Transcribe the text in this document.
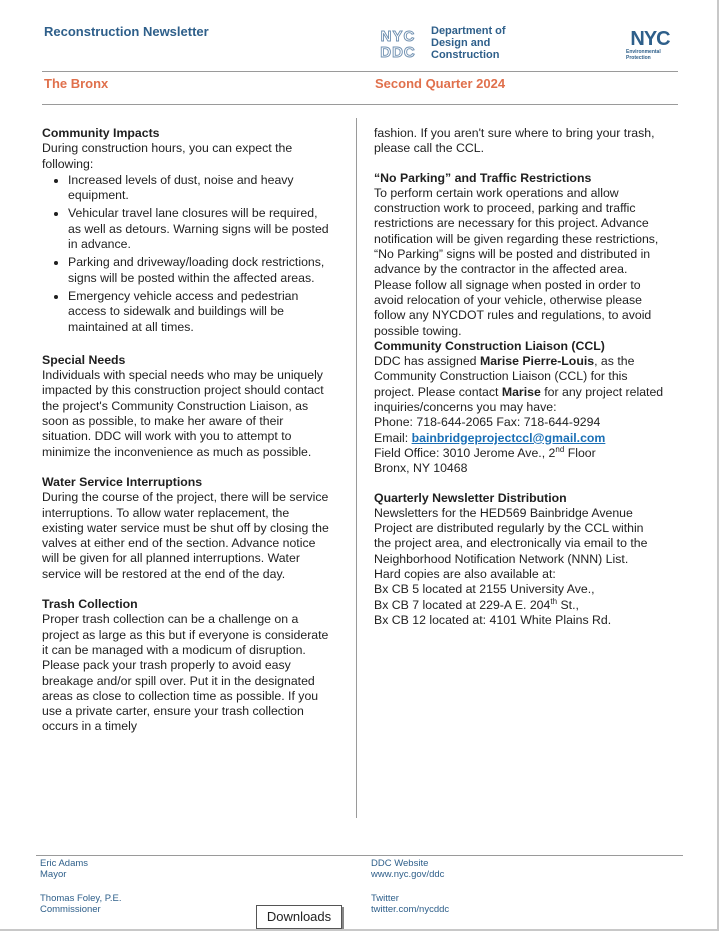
Reconstruction Newsletter	NYC
DDC
Department of
Design and
Construction
NYC
Environmental
Protection
The Bronx	Second Quarter 2024
Community Impacts

During construction hours, you can expect the following:

• Increased levels of dust, noise and heavy equipment.
• Vehicular travel lane closures will be required, as well as detours. Warning signs will be posted in advance.
• Parking and driveway/loading dock restrictions, signs will be posted within the affected areas.
• Emergency vehicle access and pedestrian access to sidewalk and buildings will be maintained at all times.
Special Needs

Individuals with special needs who may be uniquely impacted by this construction project should contact the project's Community Construction Liaison, as soon as possible, to make her aware of their situation. DDC will work with you to attempt to minimize the inconvenience as much as possible.

Water Service Interruptions

During the course of the project, there will be service interruptions. To allow water replacement, the existing water service must be shut off by closing the valves at either end of the section. Advance notice will be given for all planned interruptions. Water service will be restored at the end of the day.

Trash Collection

Proper trash collection can be a challenge on a project as large as this but if everyone is considerate it can be managed with a modicum of disruption. Please pack your trash properly to avoid easy breakage and/or spill over. Put it in the designated areas as close to collection time as possible. If you use a private carter, ensure your trash collection occurs in a timely

fashion. If you aren't sure where to bring your trash, please call the CCL.

“No Parking” and Traffic Restrictions

To perform certain work operations and allow construction work to proceed, parking and traffic restrictions are necessary for this project. Advance notification will be given regarding these restrictions, “No Parking” signs will be posted and distributed in advance by the contractor in the affected area. Please follow all signage when posted in order to avoid relocation of your vehicle, otherwise please follow any NYCDOT rules and regulations, to avoid possible towing.

Community Construction Liaison (CCL)

DDC has assigned Marise Pierre-Louis, as the Community Construction Liaison (CCL) for this project. Please contact Marise for any project related inquiries/concerns you may have:

Phone: 718-644-2065 Fax: 718-644-9294

Email: bainbridgeprojectccl@gmail.com

Field Office: 3010 Jerome Ave., 2nd Floor

Bronx, NY 10468

Quarterly Newsletter Distribution

Newsletters for the HED569 Bainbridge Avenue Project are distributed regularly by the CCL within the project area, and electronically via email to the Neighborhood Notification Network (NNN) List.

Hard copies are also available at:

Bx CB 5 located at 2155 University Ave.,

Bx CB 7 located at 229-A E. 204th St.,

Bx CB 12 located at: 4101 White Plains Rd.

Eric Adams
Mayor
Thomas Foley, P.E.
Commissioner
DDC Website
www.nyc.gov/ddc
Twitter
twitter.com/nycddc
Downloads
